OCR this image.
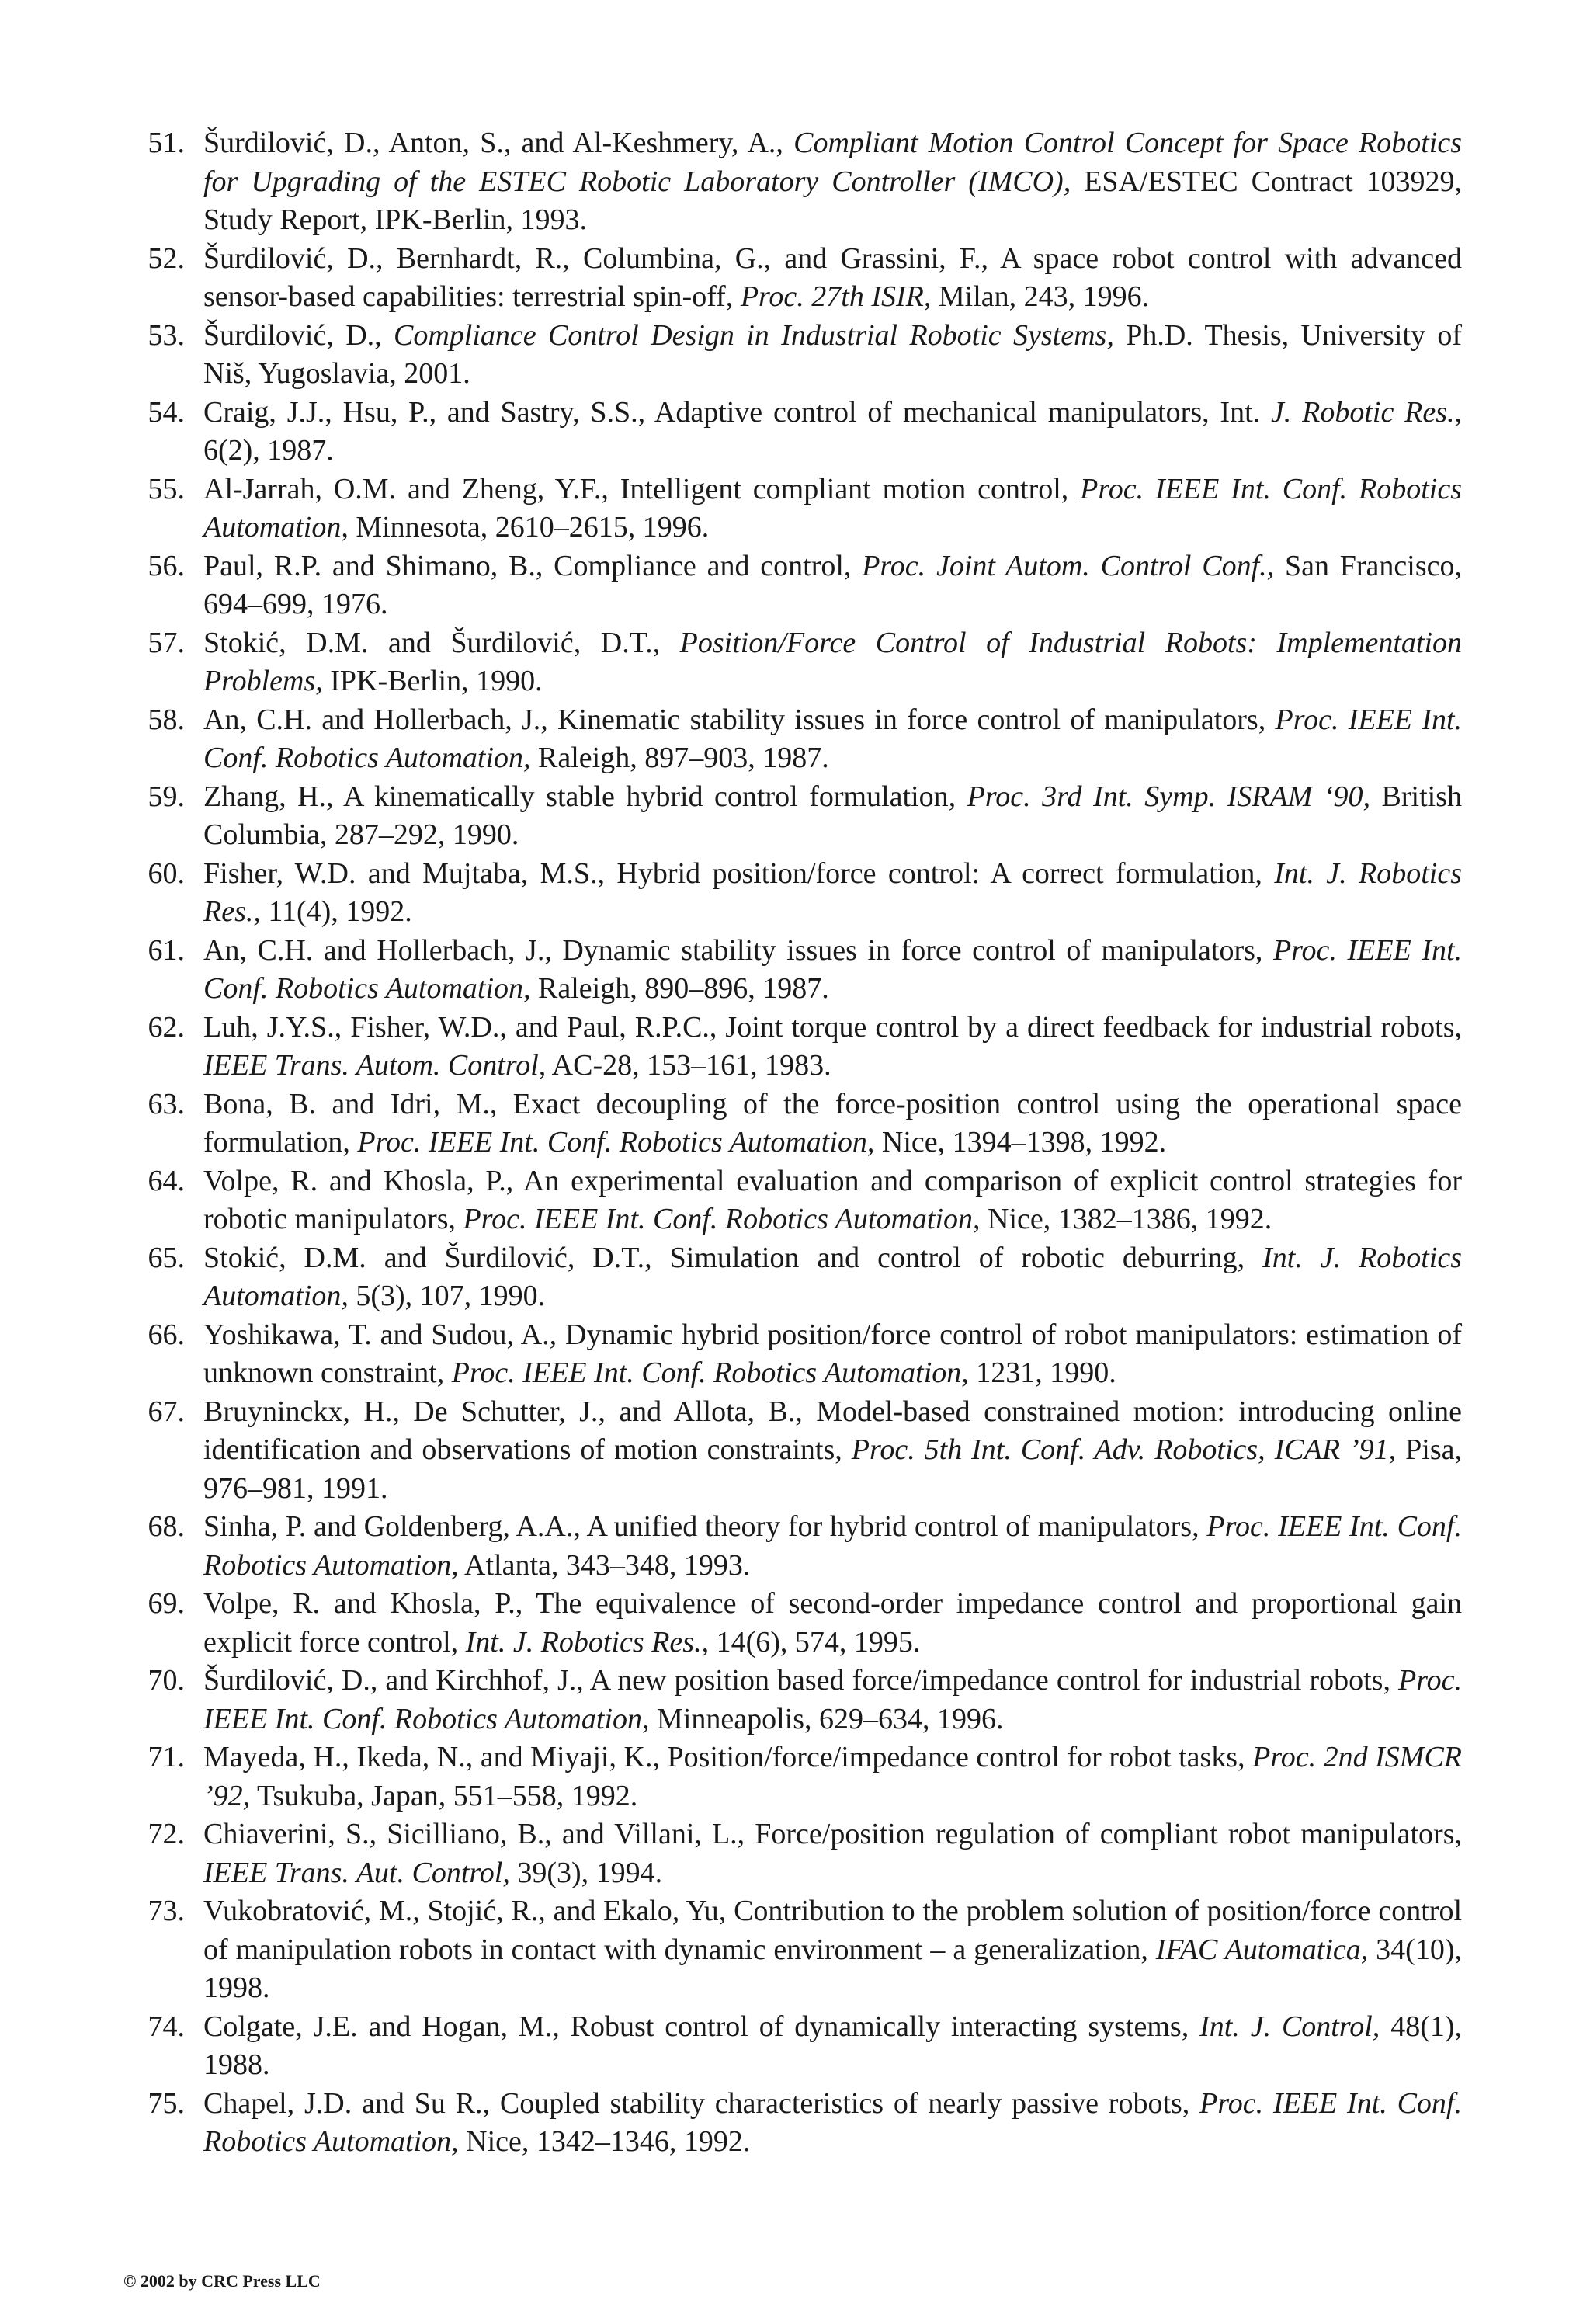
51. Šurdilović, D., Anton, S., and Al-Keshmery, A., Compliant Motion Control Concept for Space Robotics for Upgrading of the ESTEC Robotic Laboratory Controller (IMCO), ESA/ESTEC Contract 103929, Study Report, IPK-Berlin, 1993.
52. Šurdilović, D., Bernhardt, R., Columbina, G., and Grassini, F., A space robot control with advanced sensor-based capabilities: terrestrial spin-off, Proc. 27th ISIR, Milan, 243, 1996.
53. Šurdilović, D., Compliance Control Design in Industrial Robotic Systems, Ph.D. Thesis, University of Niš, Yugoslavia, 2001.
54. Craig, J.J., Hsu, P., and Sastry, S.S., Adaptive control of mechanical manipulators, Int. J. Robotic Res., 6(2), 1987.
55. Al-Jarrah, O.M. and Zheng, Y.F., Intelligent compliant motion control, Proc. IEEE Int. Conf. Robotics Automation, Minnesota, 2610–2615, 1996.
56. Paul, R.P. and Shimano, B., Compliance and control, Proc. Joint Autom. Control Conf., San Francisco, 694–699, 1976.
57. Stokić, D.M. and Šurdilović, D.T., Position/Force Control of Industrial Robots: Implementation Problems, IPK-Berlin, 1990.
58. An, C.H. and Hollerbach, J., Kinematic stability issues in force control of manipulators, Proc. IEEE Int. Conf. Robotics Automation, Raleigh, 897–903, 1987.
59. Zhang, H., A kinematically stable hybrid control formulation, Proc. 3rd Int. Symp. ISRAM ‘90, British Columbia, 287–292, 1990.
60. Fisher, W.D. and Mujtaba, M.S., Hybrid position/force control: A correct formulation, Int. J. Robotics Res., 11(4), 1992.
61. An, C.H. and Hollerbach, J., Dynamic stability issues in force control of manipulators, Proc. IEEE Int. Conf. Robotics Automation, Raleigh, 890–896, 1987.
62. Luh, J.Y.S., Fisher, W.D., and Paul, R.P.C., Joint torque control by a direct feedback for industrial robots, IEEE Trans. Autom. Control, AC-28, 153–161, 1983.
63. Bona, B. and Idri, M., Exact decoupling of the force-position control using the operational space formulation, Proc. IEEE Int. Conf. Robotics Automation, Nice, 1394–1398, 1992.
64. Volpe, R. and Khosla, P., An experimental evaluation and comparison of explicit control strategies for robotic manipulators, Proc. IEEE Int. Conf. Robotics Automation, Nice, 1382–1386, 1992.
65. Stokić, D.M. and Šurdilović, D.T., Simulation and control of robotic deburring, Int. J. Robotics Automation, 5(3), 107, 1990.
66. Yoshikawa, T. and Sudou, A., Dynamic hybrid position/force control of robot manipulators: estimation of unknown constraint, Proc. IEEE Int. Conf. Robotics Automation, 1231, 1990.
67. Bruyninckx, H., De Schutter, J., and Allota, B., Model-based constrained motion: introducing online identification and observations of motion constraints, Proc. 5th Int. Conf. Adv. Robotics, ICAR ’91, Pisa, 976–981, 1991.
68. Sinha, P. and Goldenberg, A.A., A unified theory for hybrid control of manipulators, Proc. IEEE Int. Conf. Robotics Automation, Atlanta, 343–348, 1993.
69. Volpe, R. and Khosla, P., The equivalence of second-order impedance control and proportional gain explicit force control, Int. J. Robotics Res., 14(6), 574, 1995.
70. Šurdilović, D., and Kirchhof, J., A new position based force/impedance control for industrial robots, Proc. IEEE Int. Conf. Robotics Automation, Minneapolis, 629–634, 1996.
71. Mayeda, H., Ikeda, N., and Miyaji, K., Position/force/impedance control for robot tasks, Proc. 2nd ISMCR ’92, Tsukuba, Japan, 551–558, 1992.
72. Chiaverini, S., Sicilliano, B., and Villani, L., Force/position regulation of compliant robot manipulators, IEEE Trans. Aut. Control, 39(3), 1994.
73. Vukobratović, M., Stojić, R., and Ekalo, Yu, Contribution to the problem solution of position/force control of manipulation robots in contact with dynamic environment – a generalization, IFAC Automatica, 34(10), 1998.
74. Colgate, J.E. and Hogan, M., Robust control of dynamically interacting systems, Int. J. Control, 48(1), 1988.
75. Chapel, J.D. and Su R., Coupled stability characteristics of nearly passive robots, Proc. IEEE Int. Conf. Robotics Automation, Nice, 1342–1346, 1992.
© 2002 by CRC Press LLC
